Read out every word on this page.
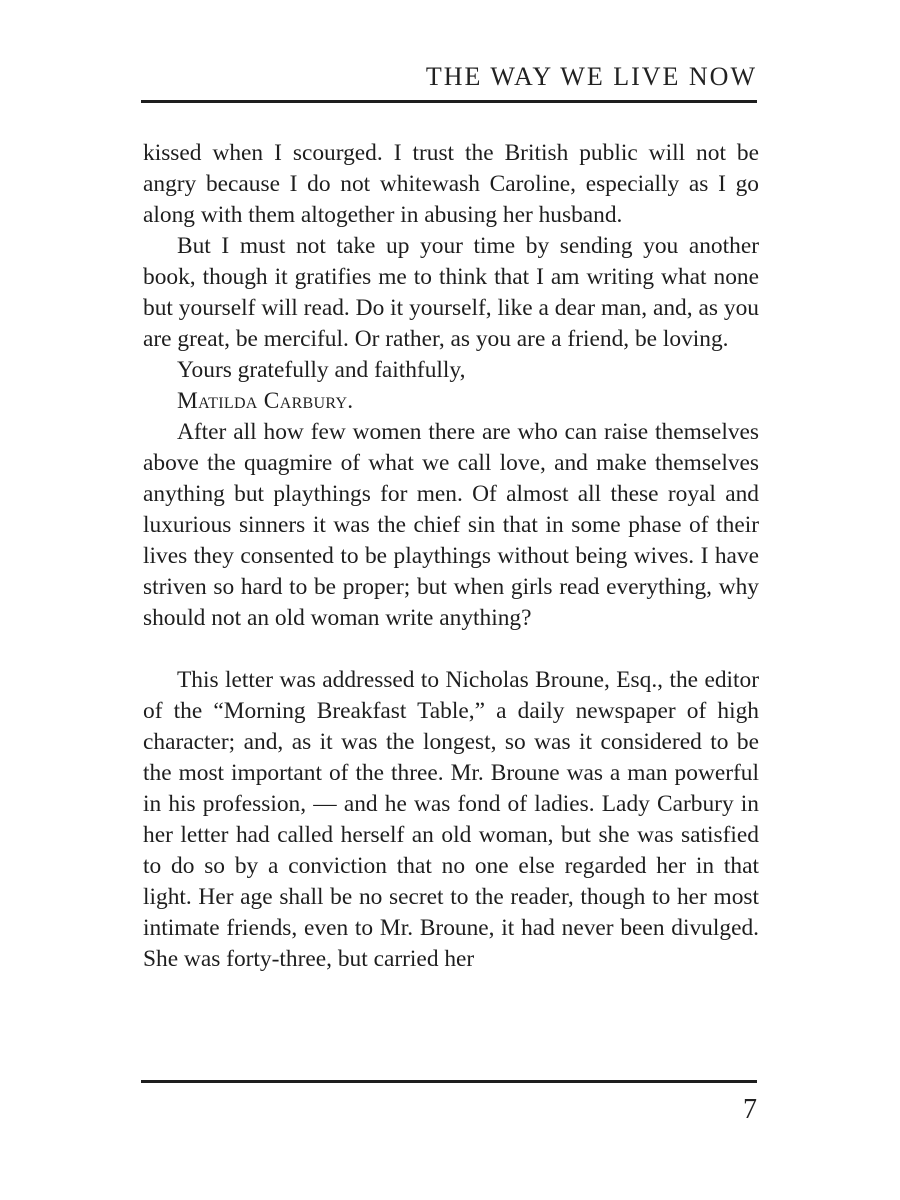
THE WAY WE LIVE NOW

kissed when I scourged. I trust the British public will not be angry because I do not whitewash Caroline, especially as I go along with them altogether in abusing her husband.

But I must not take up your time by sending you another book, though it gratifies me to think that I am writing what none but yourself will read. Do it yourself, like a dear man, and, as you are great, be merciful. Or rather, as you are a friend, be loving.

Yours gratefully and faithfully,

Matilda Carbury.

After all how few women there are who can raise themselves above the quagmire of what we call love, and make themselves anything but playthings for men. Of almost all these royal and luxurious sinners it was the chief sin that in some phase of their lives they consented to be playthings without being wives. I have striven so hard to be proper; but when girls read everything, why should not an old woman write anything?

This letter was addressed to Nicholas Broune, Esq., the editor of the “Morning Breakfast Table,” a daily newspaper of high character; and, as it was the longest, so was it considered to be the most important of the three. Mr. Broune was a man powerful in his profession, — and he was fond of ladies. Lady Carbury in her letter had called herself an old woman, but she was satisfied to do so by a conviction that no one else regarded her in that light. Her age shall be no secret to the reader, though to her most intimate friends, even to Mr. Broune, it had never been divulged. She was forty-three, but carried her

7
